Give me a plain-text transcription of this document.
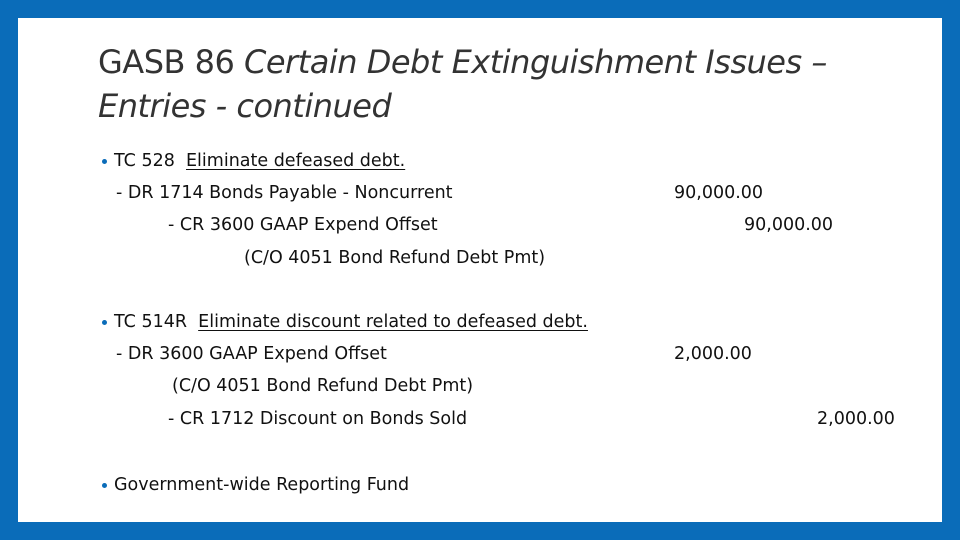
GASB 86 Certain Debt Extinguishment Issues – Entries - continued
TC 528 Eliminate defeased debt.
- DR 1714 Bonds Payable - Noncurrent	90,000.00
- CR 3600 GAAP Expend Offset	90,000.00
(C/O 4051 Bond Refund Debt Pmt)
TC 514R Eliminate discount related to defeased debt.
- DR 3600 GAAP Expend Offset	2,000.00
(C/O 4051 Bond Refund Debt Pmt)
- CR 1712 Discount on Bonds Sold	2,000.00
Government-wide Reporting Fund
